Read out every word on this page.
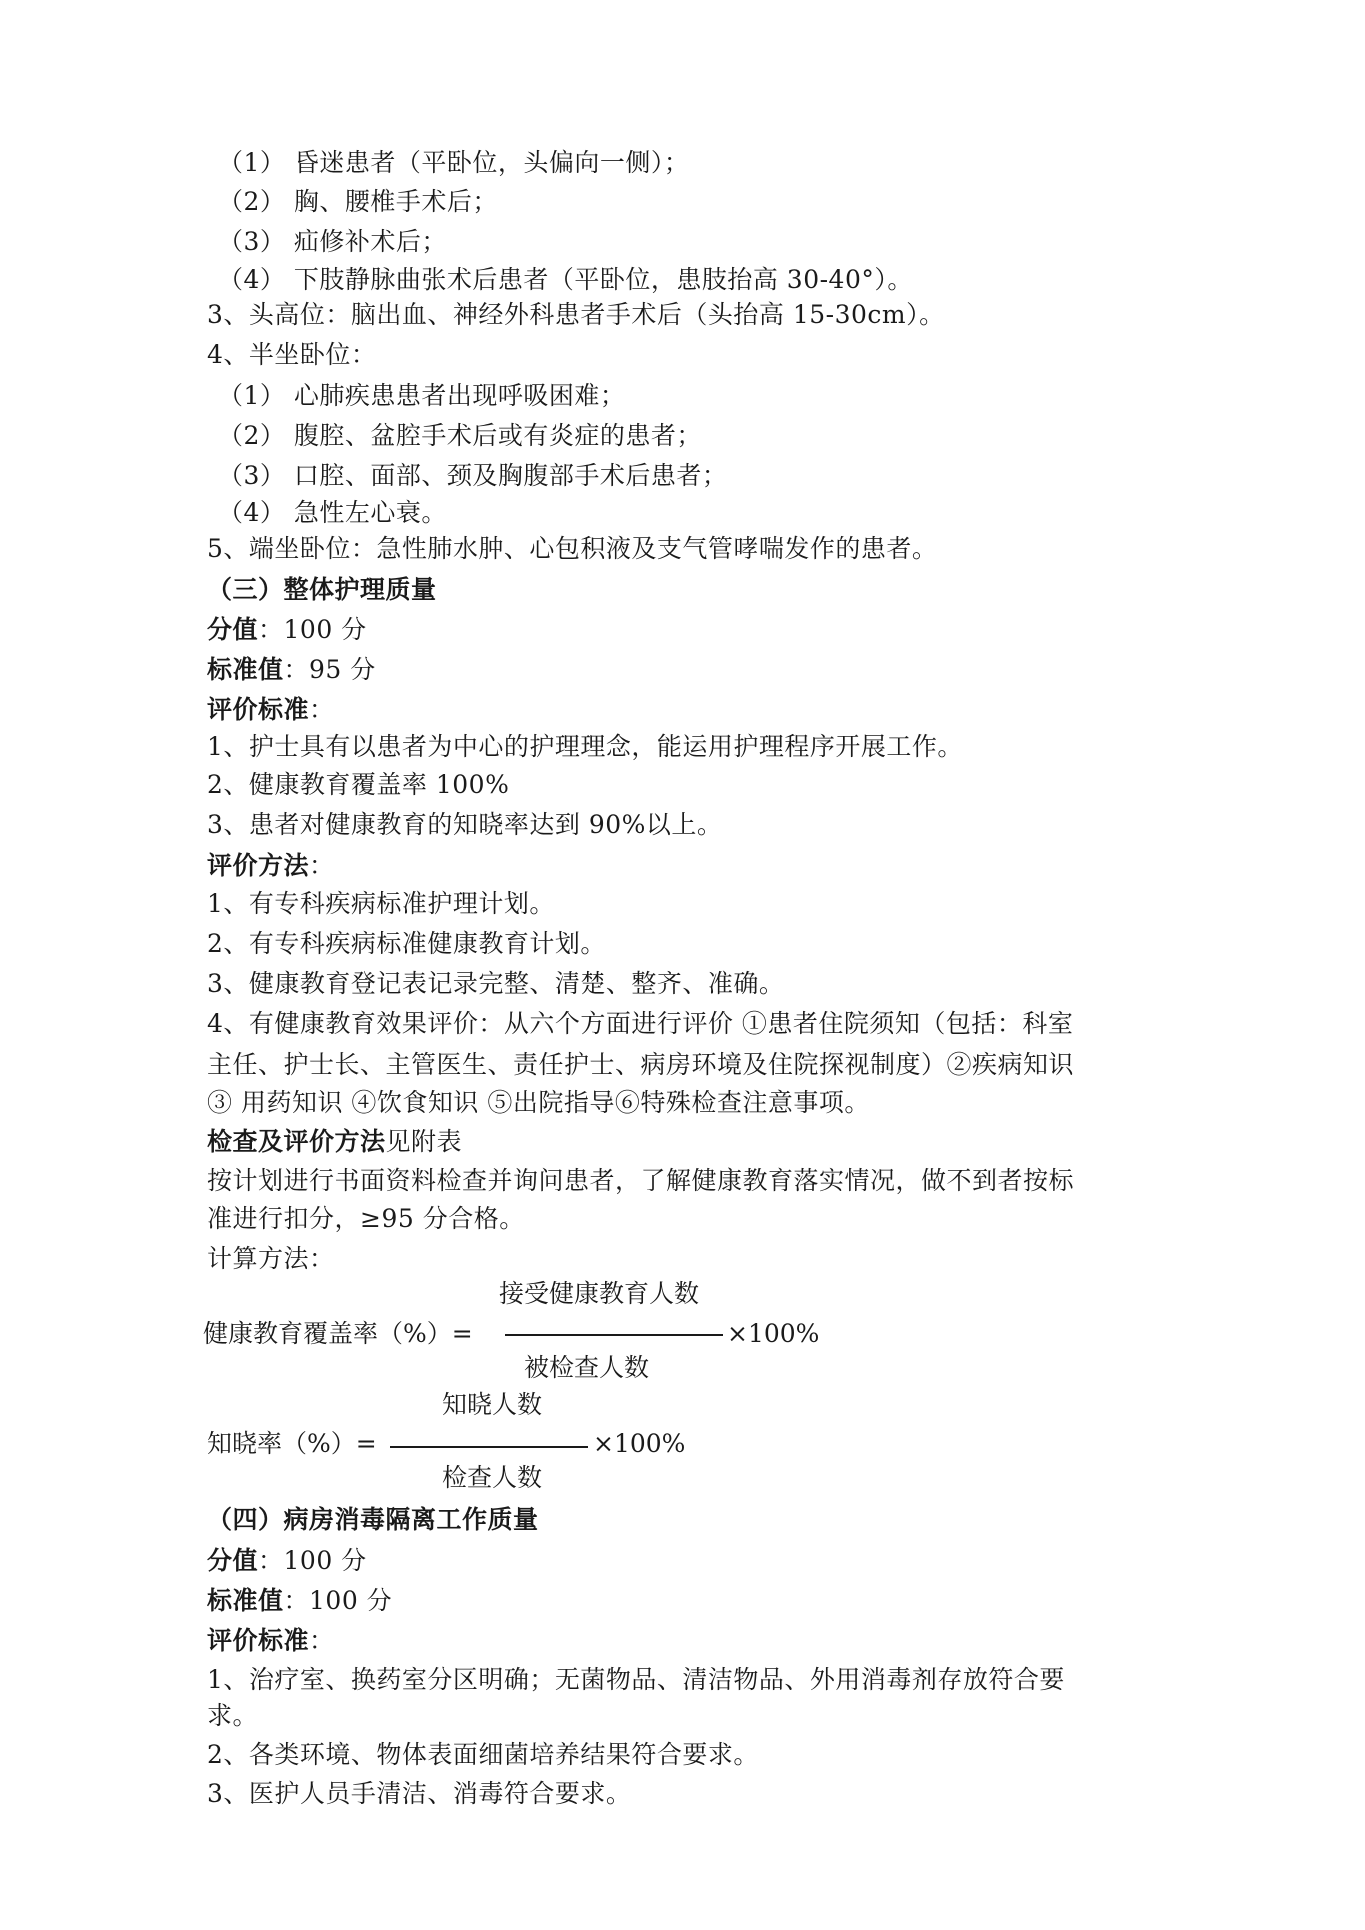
（1） 昏迷患者（平卧位，头偏向一侧）；
（2） 胸、腰椎手术后；
（3） 疝修补术后；
（4） 下肢静脉曲张术后患者（平卧位，患肢抬高 30-40°）。
3、头高位：脑出血、神经外科患者手术后（头抬高 15-30cm）。
4、半坐卧位：
（1） 心肺疾患患者出现呼吸困难；
（2） 腹腔、盆腔手术后或有炎症的患者；
（3） 口腔、面部、颈及胸腹部手术后患者；
（4） 急性左心衰。
5、端坐卧位：急性肺水肿、心包积液及支气管哮喘发作的患者。
（三）整体护理质量
分值：100 分
标准值：95 分
评价标准：
1、护士具有以患者为中心的护理理念，能运用护理程序开展工作。
2、健康教育覆盖率 100%
3、患者对健康教育的知晓率达到 90%以上。
评价方法：
1、有专科疾病标准护理计划。
2、有专科疾病标准健康教育计划。
3、健康教育登记表记录完整、清楚、整齐、准确。
4、有健康教育效果评价：从六个方面进行评价 ①患者住院须知（包括：科室
主任、护士长、主管医生、责任护士、病房环境及住院探视制度）②疾病知识
③ 用药知识 ④饮食知识 ⑤出院指导⑥特殊检查注意事项。
检查及评价方法见附表
按计划进行书面资料检查并询问患者，了解健康教育落实情况，做不到者按标
准进行扣分，≥95 分合格。
计算方法：
接受健康教育人数
健康教育覆盖率（%）=	×100%
被检查人数
知晓人数
知晓率（%）=	×100%
检查人数
（四）病房消毒隔离工作质量
分值：100 分
标准值：100 分
评价标准：
1、治疗室、换药室分区明确；无菌物品、清洁物品、外用消毒剂存放符合要
求。
2、各类环境、物体表面细菌培养结果符合要求。
3、医护人员手清洁、消毒符合要求。
